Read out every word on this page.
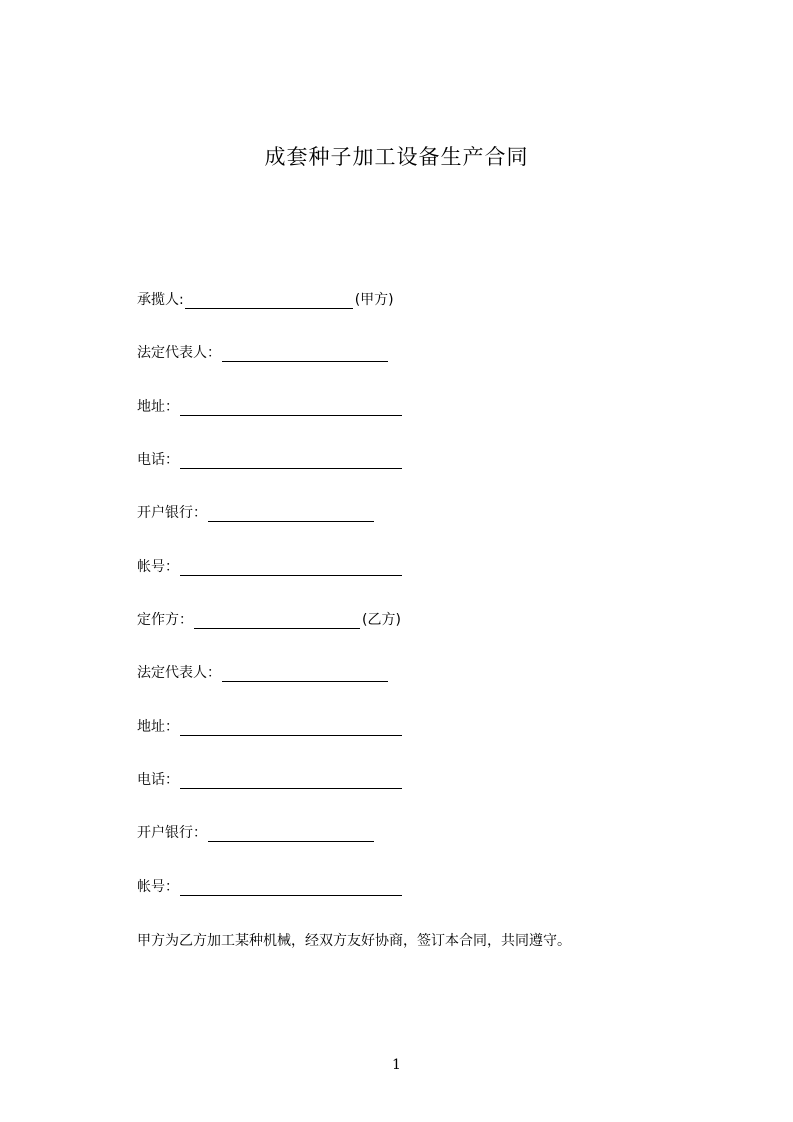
成套种子加工设备生产合同
承揽人:	(甲方)
法定代表人：
地址：
电话：
开户银行：
帐号：
定作方：	(乙方)
法定代表人：
地址：
电话：
开户银行：
帐号：
甲方为乙方加工某种机械，经双方友好协商，签订本合同，共同遵守。
1
